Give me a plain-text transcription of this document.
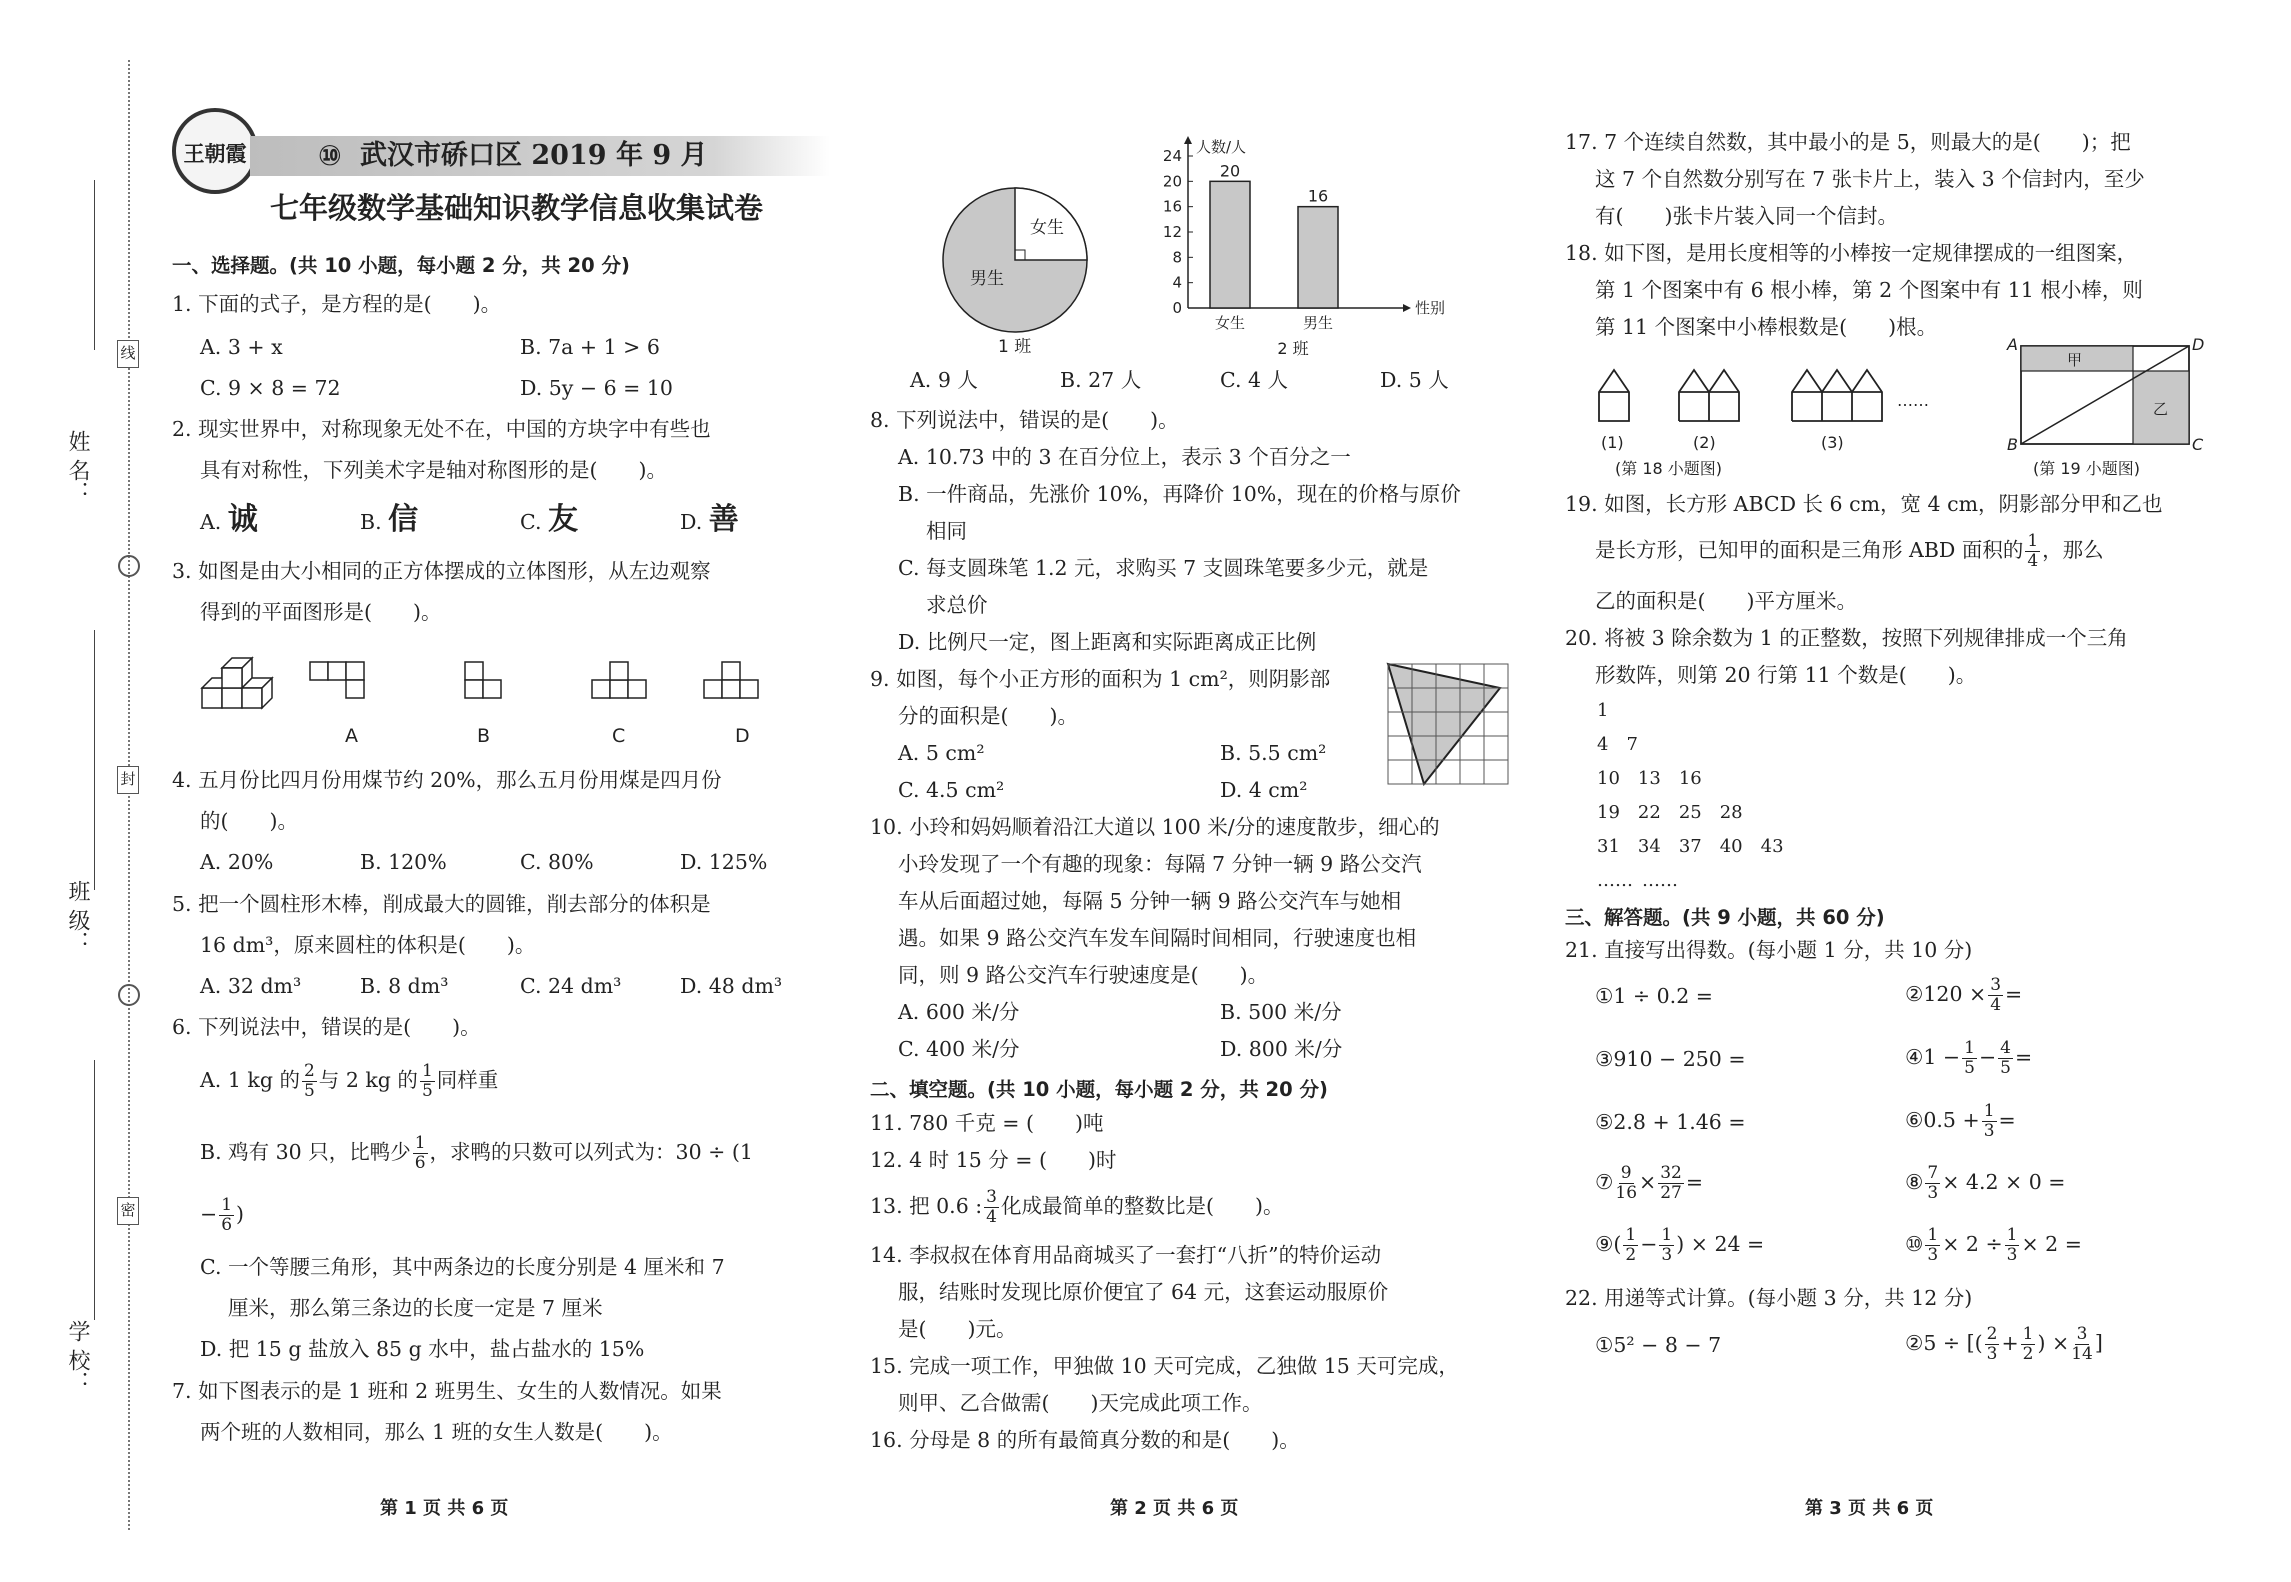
姓 名：
班 级：
学 校：
线
封
密
王朝霞	⑩ 武汉市硚口区 2019 年 9 月
七年级数学基础知识教学信息收集试卷
一、选择题。(共 10 小题，每小题 2 分，共 20 分)
1. 下面的式子，是方程的是(　　)。
A. 3 + x	B. 7a + 1 > 6
C. 9 × 8 = 72	D. 5y − 6 = 10
2. 现实世界中，对称现象无处不在，中国的方块字中有些也
具有对称性，下列美术字是轴对称图形的是(　　)。
A. 诚	B. 信	C. 友	D. 善
3. 如图是由大小相同的正方体摆成的立体图形，从左边观察
得到的平面图形是(　　)。
A	B	C	D
4. 五月份比四月份用煤节约 20%，那么五月份用煤是四月份
的(　　)。
A. 20%	B. 120%	C. 80%	D. 125%
5. 把一个圆柱形木棒，削成最大的圆锥，削去部分的体积是
16 dm³，原来圆柱的体积是(　　)。
A. 32 dm³	B. 8 dm³	C. 24 dm³	D. 48 dm³
6. 下列说法中，错误的是(　　)。
A. 1 kg 的 $\frac{2}{5}$ 与 2 kg 的 $\frac{1}{5}$ 同样重
B. 鸡有 30 只，比鸭少 $\frac{1}{6}$ ，求鸭的只数可以列式为：30 ÷ (1
− $\frac{1}{6}$ )
C. 一个等腰三角形，其中两条边的长度分别是 4 厘米和 7
厘米，那么第三条边的长度一定是 7 厘米
D. 把 15 g 盐放入 85 g 水中，盐占盐水的 15%
7. 如下图表示的是 1 班和 2 班男生、女生的人数情况。如果
两个班的人数相同，那么 1 班的女生人数是(　　)。
第 1 页 共 6 页
女生
男生
1 班
0
4
8
12
16
20
24 人数/人
性别
20
女生
16
男生
2 班
A. 9 人	B. 27 人	C. 4 人	D. 5 人
8. 下列说法中，错误的是(　　)。
A. 10.73 中的 3 在百分位上，表示 3 个百分之一
B. 一件商品，先涨价 10%，再降价 10%，现在的价格与原价
相同
C. 每支圆珠笔 1.2 元，求购买 7 支圆珠笔要多少元，就是
求总价
D. 比例尺一定，图上距离和实际距离成正比例
9. 如图，每个小正方形的面积为 1 cm²，则阴影部
分的面积是(　　)。
A. 5 cm²	B. 5.5 cm²
C. 4.5 cm²	D. 4 cm²
10. 小玲和妈妈顺着沿江大道以 100 米/分的速度散步，细心的
小玲发现了一个有趣的现象：每隔 7 分钟一辆 9 路公交汽
车从后面超过她，每隔 5 分钟一辆 9 路公交汽车与她相
遇。如果 9 路公交汽车发车间隔时间相同，行驶速度也相
同，则 9 路公交汽车行驶速度是(　　)。
A. 600 米/分	B. 500 米/分
C. 400 米/分	D. 800 米/分
二、填空题。(共 10 小题，每小题 2 分，共 20 分)
11. 780 千克 = (　　)吨
12. 4 时 15 分 = (　　)时
13. 把 0.6 : $\frac{3}{4}$ 化成最简单的整数比是(　　)。
14. 李叔叔在体育用品商城买了一套打“八折”的特价运动
服，结账时发现比原价便宜了 64 元，这套运动服原价
是(　　)元。
15. 完成一项工作，甲独做 10 天可完成，乙独做 15 天可完成，
则甲、乙合做需(　　)天完成此项工作。
16. 分母是 8 的所有最简真分数的和是(　　)。
第 2 页 共 6 页
17. 7 个连续自然数，其中最小的是 5，则最大的是(　　)；把
这 7 个自然数分别写在 7 张卡片上，装入 3 个信封内，至少
有(　　)张卡片装入同一个信封。
18. 如下图，是用长度相等的小棒按一定规律摆成的一组图案，
第 1 个图案中有 6 根小棒，第 2 个图案中有 11 根小棒，则
第 11 个图案中小棒根数是(　　)根。
(1)	(2)	(3)
……
(第 18 小题图)
A	D
B	C
甲
乙
(第 19 小题图)
19. 如图，长方形 ABCD 长 6 cm，宽 4 cm，阴影部分甲和乙也
是长方形，已知甲的面积是三角形 ABD 面积的 $\frac{1}{4}$ ，那么
乙的面积是(　　)平方厘米。
20. 将被 3 除余数为 1 的正整数，按照下列规律排成一个三角
形数阵，则第 20 行第 11 个数是(　　)。
1
4  7
10   13   16
19   22   25   28
31   34   37   40   43
……  ……
三、解答题。(共 9 小题，共 60 分)
21. 直接写出得数。(每小题 1 分，共 10 分)
①1 ÷ 0.2 =	②120 × $\frac{3}{4}$ =
③910 − 250 =	④1 − $\frac{1}{5} - \frac{4}{5}$ =
⑤2.8 + 1.46 =	⑥0.5 + $\frac{1}{3}$ =
⑦ $\frac{9}{16} \times \frac{32}{27}$ =	⑧ $\frac{7}{3} \times 4.2 \times 0$ =
⑨( $\frac{1}{2} - \frac{1}{3}$ ) × 24 =	⑩ $\frac{1}{3} \times 2 \div \frac{1}{3} \times 2$ =
22. 用递等式计算。(每小题 3 分，共 12 分)
①5² − 8 − 7	②5 ÷ [( $\frac{2}{3} + \frac{1}{2}$ ) × $\frac{3}{14}$ ]
第 3 页 共 6 页
